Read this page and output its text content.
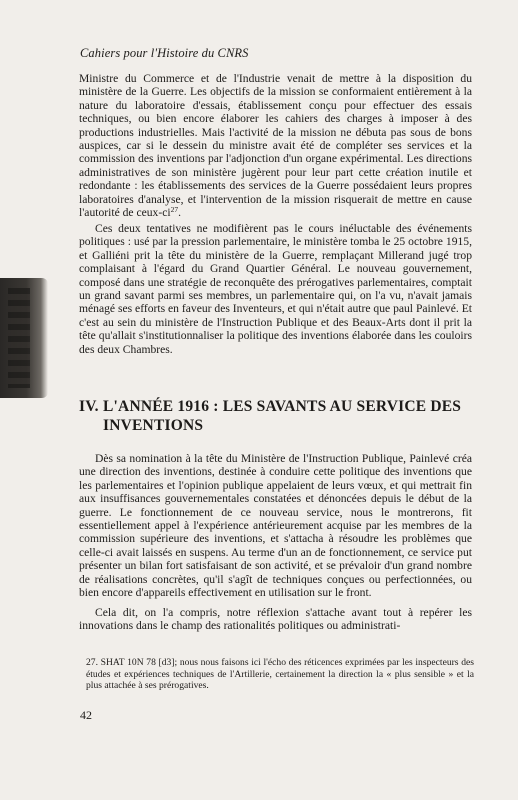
Cahiers pour l'Histoire du CNRS

Ministre du Commerce et de l'Industrie venait de mettre à la disposition du ministère de la Guerre. Les objectifs de la mission se conformaient entièrement à la nature du laboratoire d'essais, établissement conçu pour effectuer des essais techniques, ou bien encore élaborer les cahiers des charges à imposer à des productions industrielles. Mais l'activité de la mission ne débuta pas sous de bons auspices, car si le dessein du ministre avait été de compléter ses services et la commission des inventions par l'adjonction d'un organe expérimental. Les directions administratives de son ministère jugèrent pour leur part cette création inutile et redondante : les établissements des services de la Guerre possédaient leurs propres laboratoires d'analyse, et l'intervention de la mission risquerait de mettre en cause l'autorité de ceux-$ci^{27}$.

Ces deux tentatives ne modifièrent pas le cours inéluctable des événements politiques : usé par la pression parlementaire, le ministère tomba le 25 octobre 1915, et Galliéni prit la tête du ministère de la Guerre, remplaçant Millerand jugé trop complaisant à l'égard du Grand Quartier Général. Le nouveau gouvernement, composé dans une stratégie de reconquête des prérogatives parlementaires, comptait un grand savant parmi ses membres, un parlementaire qui, on l'a vu, n'avait jamais ménagé ses efforts en faveur des Inventeurs, et qui n'était autre que paul Painlevé. Et c'est au sein du ministère de l'Instruction Publique et des Beaux-Arts dont il prit la tête qu'allait s'institutionnaliser la politique des inventions élaborée dans les couloirs des deux Chambres.

IV. L'ANNÉE 1916 : LES SAVANTS AU SERVICE DES
INVENTIONS

Dès sa nomination à la tête du Ministère de l'Instruction Publique, Painlevé créa une direction des inventions, destinée à conduire cette politique des inventions que les parlementaires et l'opinion publique appelaient de leurs vœux, et qui mettrait fin aux insuffisances gouvernementales constatées et dénoncées depuis le début de la guerre. Le fonctionnement de ce nouveau service, nous le montrerons, fit essentiellement appel à l'expérience antérieurement acquise par les membres de la commission supérieure des inventions, et s'attacha à résoudre les problèmes que celle-ci avait laissés en suspens. Au terme d'un an de fonctionnement, ce service put présenter un bilan fort satisfaisant de son activité, et se prévaloir d'un grand nombre de réalisations concrètes, qu'il s'agît de techniques conçues ou perfectionnées, ou bien encore d'appareils effectivement en utilisation sur le front.

Cela dit, on l'a compris, notre réflexion s'attache avant tout à repérer les innovations dans le champ des rationalités politiques ou administrati-

27. SHAT 10N 78 [d3]; nous nous faisons ici l'écho des réticences exprimées par les inspecteurs des études et expériences techniques de l'Artillerie, certainement la direction la « plus sensible » et la plus attachée à ses prérogatives.

42
